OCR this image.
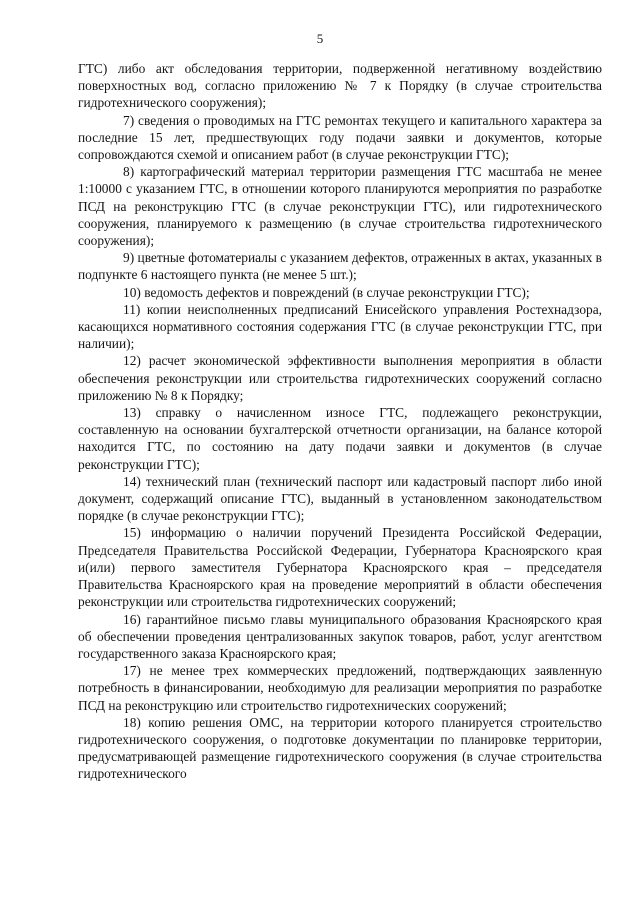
5

ГТС) либо акт обследования территории, подверженной негативному воздействию поверхностных вод, согласно приложению № 7 к Порядку (в случае строительства гидротехнического сооружения);

7) сведения о проводимых на ГТС ремонтах текущего и капитального характера за последние 15 лет, предшествующих году подачи заявки и документов, которые сопровождаются схемой и описанием работ (в случае реконструкции ГТС);

8) картографический материал территории размещения ГТС масштаба не менее 1:10000 с указанием ГТС, в отношении которого планируются мероприятия по разработке ПСД на реконструкцию ГТС (в случае реконструкции ГТС), или гидротехнического сооружения, планируемого к размещению (в случае строительства гидротехнического сооружения);

9) цветные фотоматериалы с указанием дефектов, отраженных в актах, указанных в подпункте 6 настоящего пункта (не менее 5 шт.);

10) ведомость дефектов и повреждений (в случае реконструкции ГТС);

11) копии неисполненных предписаний Енисейского управления Ростехнадзора, касающихся нормативного состояния содержания ГТС (в случае реконструкции ГТС, при наличии);

12) расчет экономической эффективности выполнения мероприятия в области обеспечения реконструкции или строительства гидротехнических сооружений согласно приложению № 8 к Порядку;

13) справку о начисленном износе ГТС, подлежащего реконструкции, составленную на основании бухгалтерской отчетности организации, на балансе которой находится ГТС, по состоянию на дату подачи заявки и документов (в случае реконструкции ГТС);

14) технический план (технический паспорт или кадастровый паспорт либо иной документ, содержащий описание ГТС), выданный в установленном законодательством порядке (в случае реконструкции ГТС);

15) информацию о наличии поручений Президента Российской Федерации, Председателя Правительства Российской Федерации, Губернатора Красноярского края и(или) первого заместителя Губернатора Красноярского края – председателя Правительства Красноярского края на проведение мероприятий в области обеспечения реконструкции или строительства гидротехнических сооружений;

16) гарантийное письмо главы муниципального образования Красноярского края об обеспечении проведения централизованных закупок товаров, работ, услуг агентством государственного заказа Красноярского края;

17) не менее трех коммерческих предложений, подтверждающих заявленную потребность в финансировании, необходимую для реализации мероприятия по разработке ПСД на реконструкцию или строительство гидротехнических сооружений;

18) копию решения ОМС, на территории которого планируется строительство гидротехнического сооружения, о подготовке документации по планировке территории, предусматривающей размещение гидротехнического сооружения (в случае строительства гидротехнического
